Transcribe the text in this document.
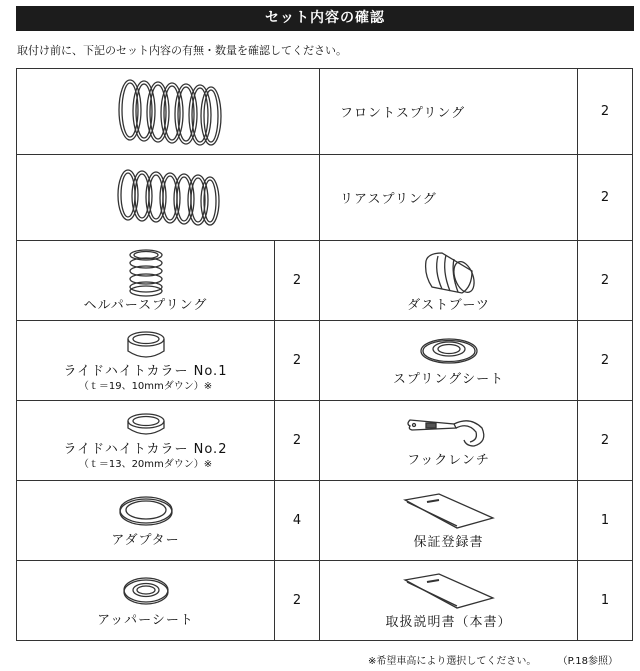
セット内容の確認
取付け前に、下記のセット内容の有無・数量を確認してください。
	フロントスプリング	2

	リアスプリング	2

ヘルパースプリング	2	ダストブーツ	2

ライドハイトカラー No.1
（ｔ＝19、10mmダウン）※	2	スプリングシート	2

ライドハイトカラー No.2
（ｔ＝13、20mmダウン）※	2	フックレンチ	2

アダプター	4	保証登録書	1

アッパーシート	2	取扱説明書（本書）	1
※希望車高により選択してください。 （P.18参照）
